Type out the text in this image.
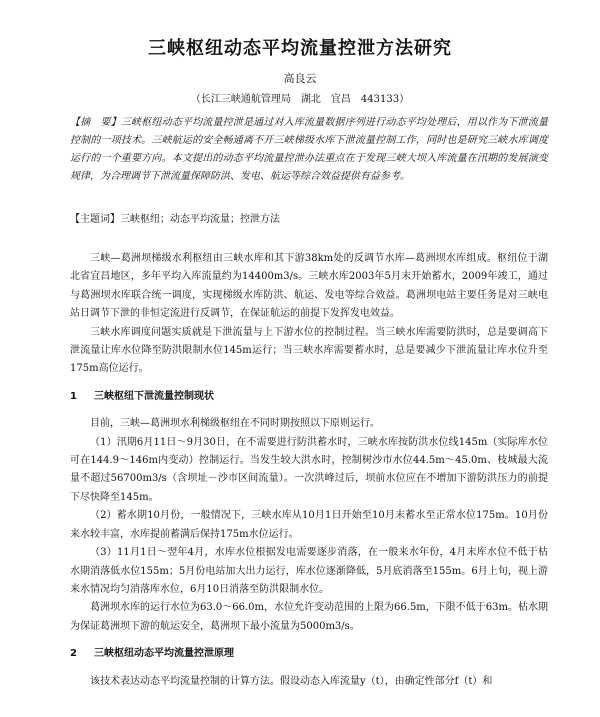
三峡枢纽动态平均流量控泄方法研究
高良云
（长江三峡通航管理局　湖北　宜昌　443133）
【摘　要】三峡枢纽动态平均流量控泄是通过对入库流量数据序列进行动态平均处理后，用以作为下泄流量控制的一项技术。三峡航运的安全畅通离不开三峡梯级水库下泄流量控制工作，同时也是研究三峡水库调度运行的一个重要方向。本文提出的动态平均流量控泄办法重点在于发现三峡大坝入库流量在汛期的发展演变规律，为合理调节下泄流量保障防洪、发电、航运等综合效益提供有益参考。
【主题词】三峡枢纽；动态平均流量；控泄方法

三峡—葛洲坝梯级水利枢纽由三峡水库和其下游38km处的反调节水库—葛洲坝水库组成。枢纽位于湖北省宜昌地区，多年平均入库流量约为14400m3/s。三峡水库2003年5月末开始蓄水，2009年竣工，通过与葛洲坝水库联合统一调度，实现梯级水库防洪、航运、发电等综合效益。葛洲坝电站主要任务是对三峡电站日调节下泄的非恒定流进行反调节，在保证航运的前提下发挥发电效益。

三峡水库调度问题实质就是下泄流量与上下游水位的控制过程。当三峡水库需要防洪时，总是要调高下泄流量让库水位降至防洪限制水位145m运行；当三峡水库需要蓄水时，总是要减少下泄流量让库水位升至175m高位运行。

1 三峡枢纽下泄流量控制现状

目前，三峡—葛洲坝水利梯级枢纽在不同时期按照以下原则运行。

（1）汛期6月11日～9月30日，在不需要进行防洪蓄水时，三峡水库按防洪水位线145m（实际库水位可在144.9～146m内变动）控制运行。当发生较大洪水时，控制树沙市水位44.5m～45.0m、枝城最大流量不超过56700m3/s（含坝址－沙市区间流量）。一次洪峰过后，坝前水位应在不增加下游防洪压力的前提下尽快降至145m。

（2）蓄水期10月份，一般情况下，三峡水库从10月1日开始至10月末蓄水至正常水位175m。10月份来水较丰富，水库提前蓄满后保持175m水位运行。

（3）11月1日～翌年4月，水库水位根据发电需要逐步消落，在一般来水年份，4月末库水位不低于枯水期消落低水位155m；5月份电站加大出力运行，库水位逐渐降低，5月底消落至155m。6月上旬，视上游来水情况均匀消落库水位，6月10日消落至防洪限制水位。

葛洲坝水库的运行水位为63.0～66.0m，水位允许变动范围的上限为66.5m，下限不低于63m。枯水期为保证葛洲坝下游的航运安全，葛洲坝下最小流量为5000m3/s。

2 三峡枢纽动态平均流量控泄原理

该技术表达动态平均流量控制的计算方法。假设动态入库流量y（t），由确定性部分f（t）和
